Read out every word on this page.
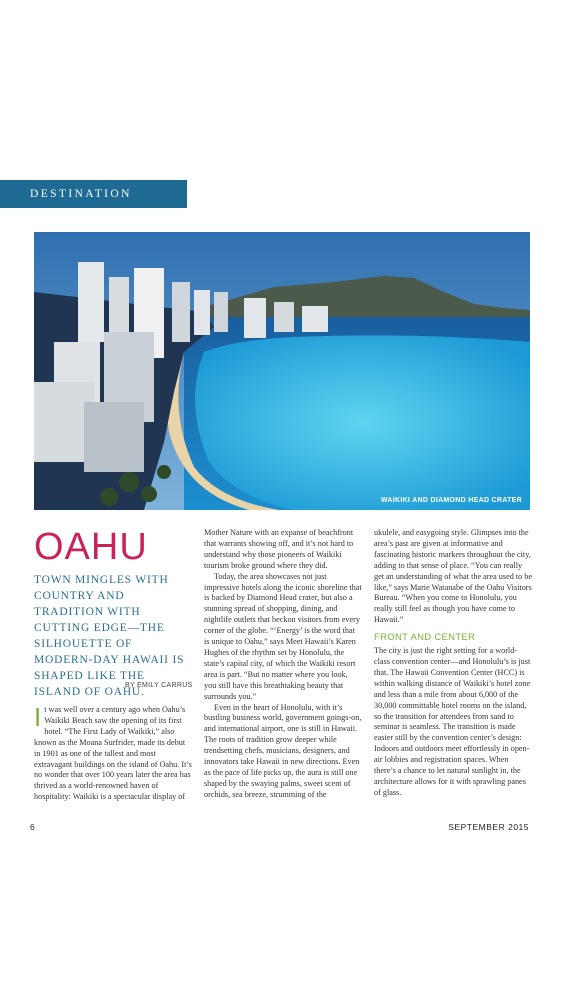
DESTINATION HAWAI‘I
WAIKIKI AND DIAMOND HEAD CRATER
OAHU

TOWN MINGLES WITH COUNTRY AND TRADITION WITH CUTTING EDGE—THE SILHOUETTE OF MODERN-DAY HAWAII IS SHAPED LIKE THE ISLAND OF OAHU.

BY EMILY CARRUS

It was well over a century ago when Oahu’s Waikiki Beach saw the opening of its first hotel. “The First Lady of Waikiki,” also known as the Moana Surfrider, made its debut in 1901 as one of the tallest and most extravagant buildings on the island of Oahu. It’s no wonder that over 100 years later the area has thrived as a world-renowned haven of hospitality: Waikiki is a spectacular display of

Mother Nature with an expanse of beachfront that warrants showing off, and it’s not hard to understand why those pioneers of Waikiki tourism broke ground where they did.

Today, the area showcases not just impressive hotels along the iconic shoreline that is backed by Diamond Head crater, but also a stunning spread of shopping, dining, and nightlife outlets that beckon visitors from every corner of the globe. “‘Energy’ is the word that is unique to Oahu,” says Meet Hawaii’s Karen Hughes of the rhythm set by Honolulu, the state’s capital city, of which the Waikiki resort area is part. “But no matter where you look, you still have this breathtaking beauty that surrounds you.”

Even in the heart of Honolulu, with it’s bustling business world, government goings-on, and international airport, one is still in Hawaii. The roots of tradition grow deeper while trendsetting chefs, musicians, designers, and innovators take Hawaii in new directions. Even as the pace of life picks up, the aura is still one shaped by the swaying palms, sweet scent of orchids, sea breeze, strumming of the

ukulele, and easygoing style. Glimpses into the area’s past are given at informative and fascinating historic markers throughout the city, adding to that sense of place. “You can really get an understanding of what the area used to be like,” says Marie Watanabe of the Oahu Visitors Bureau. “When you come to Honolulu, you really still feel as though you have come to Hawaii.”

FRONT AND CENTER

The city is just the right setting for a world-class convention center—and Honolulu’s is just that. The Hawaii Convention Center (HCC) is within walking distance of Waikiki’s hotel zone and less than a mile from about 6,000 of the 30,000 committable hotel rooms on the island, so the transition for attendees from sand to seminar is seamless. The transition is made easier still by the convention center’s design: Indoors and outdoors meet effortlessly in open-air lobbies and registration spaces. When there’s a chance to let natural sunlight in, the architecture allows for it with sprawling panes of glass.

6	SEPTEMBER 2015
